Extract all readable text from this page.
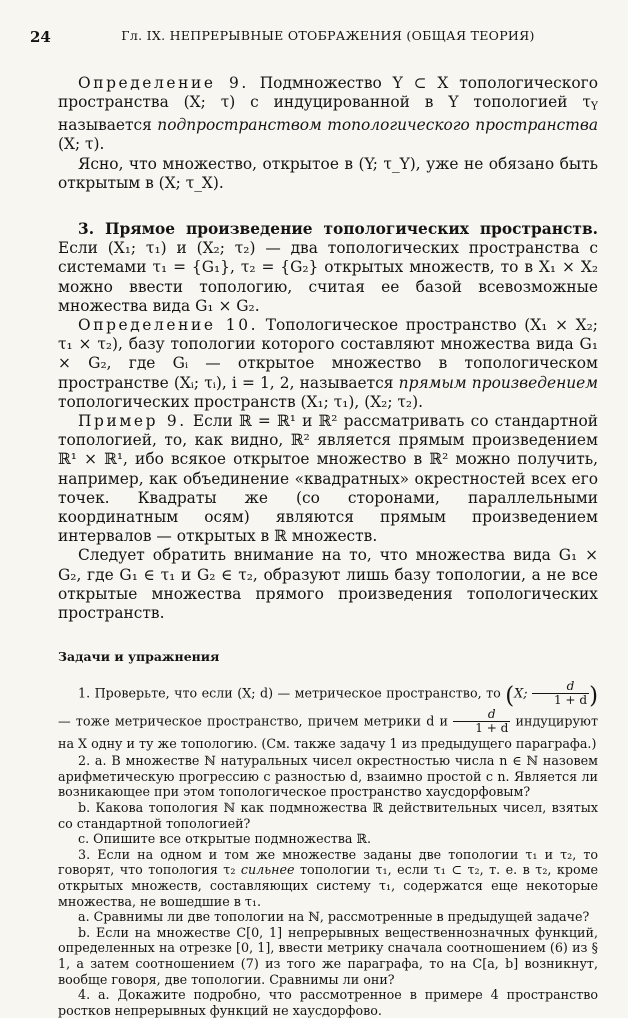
24	Гл. IX. НЕПРЕРЫВНЫЕ ОТОБРАЖЕНИЯ (ОБЩАЯ ТЕОРИЯ)

Определение 9. Подмножество Y ⊂ X топологического пространства (X; τ) с индуцированной в Y топологией $\tau_Y$ называется подпространством топологического пространства (X; τ).

Ясно, что множество, открытое в (Y; τ_Y), уже не обязано быть открытым в (X; τ_X).

3. Прямое произведение топологических пространств. Если (X₁; τ₁) и (X₂; τ₂) — два топологических пространства с системами τ₁ = {G₁}, τ₂ = {G₂} открытых множеств, то в X₁ × X₂ можно ввести топологию, считая ее базой всевозможные множества вида G₁ × G₂.

Определение 10. Топологическое пространство (X₁ × X₂; τ₁ × τ₂), базу топологии которого составляют множества вида G₁ × G₂, где Gᵢ — открытое множество в топологическом пространстве (Xᵢ; τᵢ), i = 1, 2, называется прямым произведением топологических пространств (X₁; τ₁), (X₂; τ₂).

Пример 9. Если ℝ = ℝ¹ и ℝ² рассматривать со стандартной топологией, то, как видно, ℝ² является прямым произведением ℝ¹ × ℝ¹, ибо всякое открытое множество в ℝ² можно получить, например, как объединение «квадратных» окрестностей всех его точек. Квадраты же (со сторонами, параллельными координатным осям) являются прямым произведением интервалов — открытых в ℝ множеств.

Следует обратить внимание на то, что множества вида G₁ × G₂, где G₁ ∈ τ₁ и G₂ ∈ τ₂, образуют лишь базу топологии, а не все открытые множества прямого произведения топологических пространств.

Задачи и упражнения

1. Проверьте, что если (X; d) — метрическое пространство, то (X; $\frac{d}{1 + d}$ ) — тоже метрическое пространство, причем метрики d и $\frac{d}{1 + d}$ индуцируют на X одну и ту же топологию. (См. также задачу 1 из предыдущего параграфа.)

2. а. В множестве ℕ натуральных чисел окрестностью числа n ∈ ℕ назовем арифметическую прогрессию с разностью d, взаимно простой с n. Является ли возникающее при этом топологическое пространство хаусдорфовым?

b. Какова топология ℕ как подмножества ℝ действительных чисел, взятых со стандартной топологией?

c. Опишите все открытые подмножества ℝ.

3. Если на одном и том же множестве заданы две топологии τ₁ и τ₂, то говорят, что топология τ₂ сильнее топологии τ₁, если τ₁ ⊂ τ₂, т. е. в τ₂, кроме открытых множеств, составляющих систему τ₁, содержатся еще некоторые множества, не вошедшие в τ₁.

а. Сравнимы ли две топологии на ℕ, рассмотренные в предыдущей задаче?

b. Если на множестве C[0, 1] непрерывных вещественнозначных функций, определенных на отрезке [0, 1], ввести метрику сначала соотношением (6) из § 1, а затем соотношением (7) из того же параграфа, то на C[a, b] возникнут, вообще говоря, две топологии. Сравнимы ли они?

4. а. Докажите подробно, что рассмотренное в примере 4 пространство ростков непрерывных функций не хаусдорфово.
